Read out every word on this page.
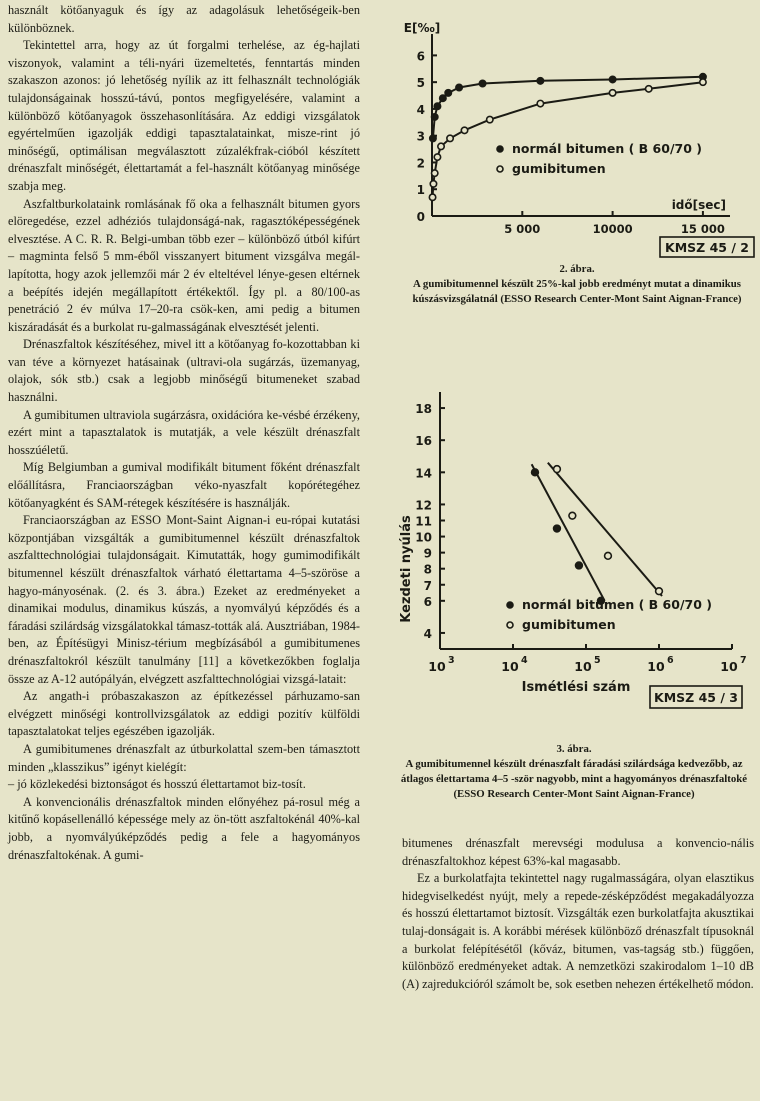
használt kötőanyaguk és így az adagolásuk lehetőségeik-ben különböznek.

Tekintettel arra, hogy az út forgalmi terhelése, az ég-hajlati viszonyok, valamint a téli-nyári üzemeltetés, fenntartás minden szakaszon azonos: jó lehetőség nyílik az itt felhasznált technológiák tulajdonságainak hosszú-távú, pontos megfigyelésére, valamint a különböző kötőanyagok összehasonlítására. Az eddigi vizsgálatok egyértelműen igazolják eddigi tapasztalatainkat, misze-rint jó minőségű, optimálisan megválasztott zúzalékfrak-cióból készített drénaszfalt minőségét, élettartamát a fel-használt kötőanyag minősége szabja meg.

Aszfaltburkolataink romlásának fő oka a felhasznált bitumen gyors elöregedése, ezzel adhéziós tulajdonságá-nak, ragasztóképességének elvesztése. A C. R. R. Belgi-umban több ezer – különböző útból kifúrt – magminta felső 5 mm-éből visszanyert bitument vizsgálva megál-lapította, hogy azok jellemzői már 2 év elteltével lénye-gesen eltérnek a beépítés idején megállapított értékektől. Így pl. a 80/100-as penetráció 2 év múlva 17–20-ra csök-ken, ami pedig a bitumen kiszáradását és a burkolat ru-galmasságának elvesztését jelenti.

Drénaszfaltok készítéséhez, mivel itt a kötőanyag fo-kozottabban ki van téve a környezet hatásainak (ultravi-ola sugárzás, üzemanyag, olajok, sók stb.) csak a legjobb minőségű bitumeneket szabad használni.

A gumibitumen ultraviola sugárzásra, oxidációra ke-vésbé érzékeny, ezért mint a tapasztalatok is mutatják, a vele készült drénaszfalt hosszúéletű.

Míg Belgiumban a gumival modifikált bitument főként drénaszfalt előállításra, Franciaországban véko-nyaszfalt kopórétegéhez kötőanyagként és SAM-rétegek készítésére is használják.

Franciaországban az ESSO Mont-Saint Aignan-i eu-rópai kutatási központjában vizsgálták a gumibitumennel készült drénaszfaltok aszfalttechnológiai tulajdonságait. Kimutatták, hogy gumimodifikált bitumennel készült drénaszfaltok várható élettartama 4–5-szöröse a hagyo-mányosénak. (2. és 3. ábra.) Ezeket az eredményeket a dinamikai modulus, dinamikus kúszás, a nyomvályú képződés és a fáradási szilárdság vizsgálatokkal támasz-tották alá. Ausztriában, 1984-ben, az Építésügyi Minisz-térium megbízásából a gumibitumenes drénaszfaltokról készült tanulmány [11] a következőkben foglalja össze az A-12 autópályán, elvégzett aszfalttechnológiai vizsgá-latait:

Az angath-i próbaszakaszon az építkezéssel párhuzamo-san elvégzett minőségi kontrollvizsgálatok az eddigi pozitív külföldi tapasztalatokat teljes egészében igazolják.

A gumibitumenes drénaszfalt az útburkolattal szem-ben támasztott minden „klasszikus” igényt kielégít:

– jó közlekedési biztonságot és hosszú élettartamot biz-tosít.

A konvencionális drénaszfaltok minden előnyéhez pá-rosul még a kitűnő kopásellenálló képessége mely az ön-tött aszfaltokénál 40%-kal jobb, a nyomvályúképződés pedig a fele a hagyományos drénaszfaltokénak. A gumi-

0
1
2
3
4
5
6
5 000	10000	15 000
E[‰]
idő[sec]
normál bitumen ( B 60/70 )
gumibitumen
KMSZ 45 / 2
2. ábra.
A gumibitumennel készült 25%-kal jobb eredményt mutat a dinamikus kúszásvizsgálatnál (ESSO Research Center-Mont Saint Aignan-France)
4
6
7
8
9
10
11
12
14
16
18
10 3	10 4	10 5	10 6	10 7
Kezdeti nyúlás
Ismétlési szám
normál bitumen ( B 60/70 )
gumibitumen
KMSZ 45 / 3
3. ábra.
A gumibitumennel készült drénaszfalt fáradási szilárdsága kedvezőbb, az átlagos élettartama 4–5 -ször nagyobb, mint a hagyományos drénaszfaltoké (ESSO Research Center-Mont Saint Aignan-France)

bitumenes drénaszfalt merevségi modulusa a konvencio-nális drénaszfaltokhoz képest 63%-kal magasabb.

Ez a burkolatfajta tekintettel nagy rugalmasságára, olyan elasztikus hidegviselkedést nyújt, mely a repede-zésképződést megakadályozza és hosszú élettartamot biztosít. Vizsgálták ezen burkolatfajta akusztikai tulaj-donságait is. A korábbi mérések különböző drénaszfalt típusoknál a burkolat felépítésétől (kőváz, bitumen, vas-tagság stb.) függően, különböző eredményeket adtak. A nemzetközi szakirodalom 1–10 dB (A) zajredukcióról számolt be, sok esetben nehezen értékelhető módon.
